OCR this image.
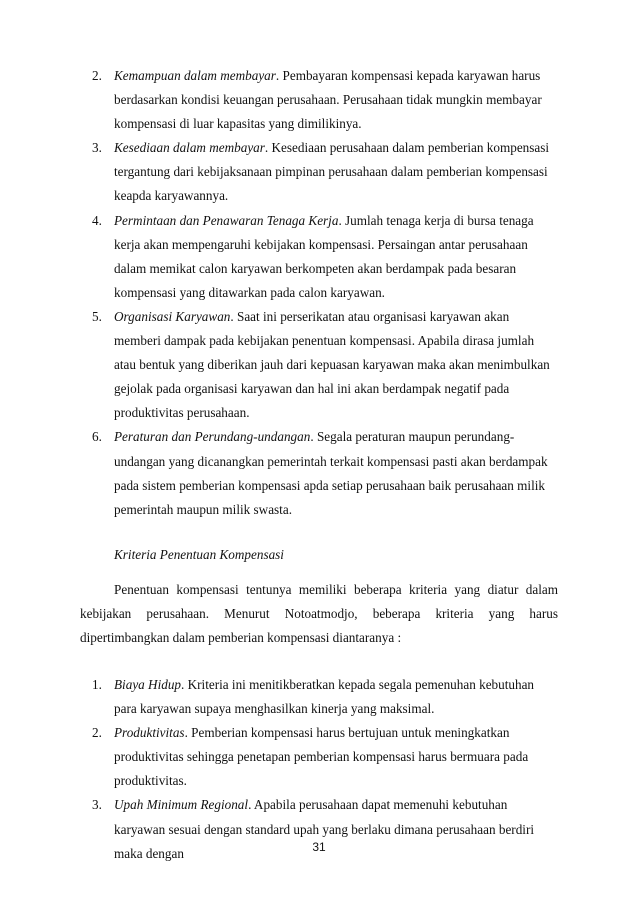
2. Kemampuan dalam membayar. Pembayaran kompensasi kepada karyawan harus berdasarkan kondisi keuangan perusahaan. Perusahaan tidak mungkin membayar kompensasi di luar kapasitas yang dimilikinya.
3. Kesediaan dalam membayar. Kesediaan perusahaan dalam pemberian kompensasi tergantung dari kebijaksanaan pimpinan perusahaan dalam pemberian kompensasi keapda karyawannya.
4. Permintaan dan Penawaran Tenaga Kerja. Jumlah tenaga kerja di bursa tenaga kerja akan mempengaruhi kebijakan kompensasi. Persaingan antar perusahaan dalam memikat calon karyawan berkompeten akan berdampak pada besaran kompensasi yang ditawarkan pada calon karyawan.
5. Organisasi Karyawan. Saat ini perserikatan atau organisasi karyawan akan memberi dampak pada kebijakan penentuan kompensasi. Apabila dirasa jumlah atau bentuk yang diberikan jauh dari kepuasan karyawan maka akan menimbulkan gejolak pada organisasi karyawan dan hal ini akan berdampak negatif pada produktivitas perusahaan.
6. Peraturan dan Perundang-undangan. Segala peraturan maupun perundang-undangan yang dicanangkan pemerintah terkait kompensasi pasti akan berdampak pada sistem pemberian kompensasi apda setiap perusahaan baik perusahaan milik pemerintah maupun milik swasta.
Kriteria Penentuan Kompensasi

Penentuan kompensasi tentunya memiliki beberapa kriteria yang diatur dalam kebijakan perusahaan. Menurut Notoatmodjo, beberapa kriteria yang harus dipertimbangkan dalam pemberian kompensasi diantaranya :

1. Biaya Hidup. Kriteria ini menitikberatkan kepada segala pemenuhan kebutuhan para karyawan supaya menghasilkan kinerja yang maksimal.
2. Produktivitas. Pemberian kompensasi harus bertujuan untuk meningkatkan produktivitas sehingga penetapan pemberian kompensasi harus bermuara pada produktivitas.
3. Upah Minimum Regional. Apabila perusahaan dapat memenuhi kebutuhan karyawan sesuai dengan standard upah yang berlaku dimana perusahaan berdiri maka dengan	31
